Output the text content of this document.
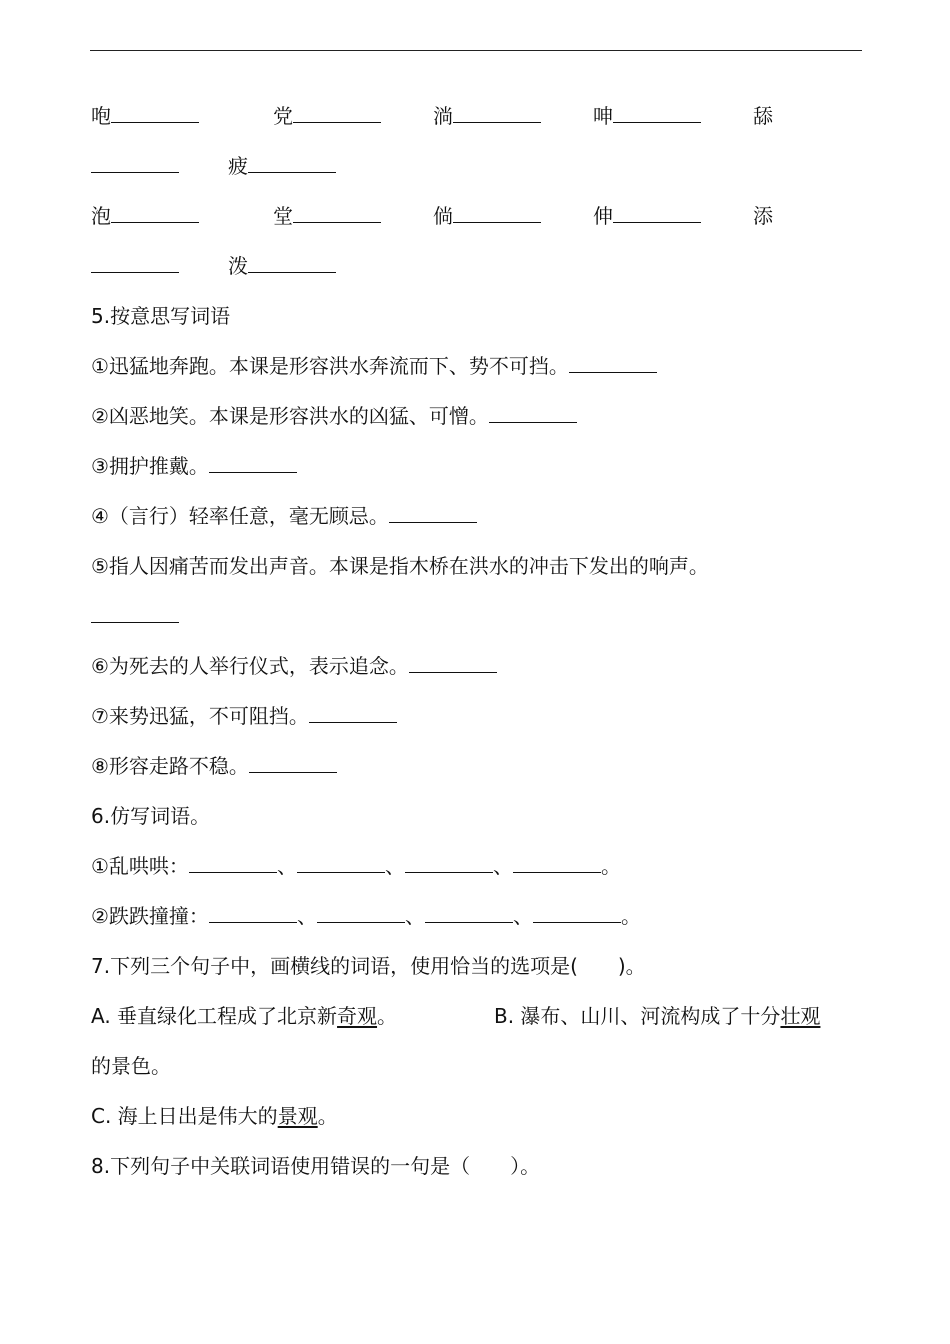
咆	党	淌	呻	舔
疲
泡	堂	倘	伸	添
泼
5.按意思写词语
①迅猛地奔跑。本课是形容洪水奔流而下、势不可挡。
②凶恶地笑。本课是形容洪水的凶猛、可憎。
③拥护推戴。
④（言行）轻率任意，毫无顾忌。
⑤指人因痛苦而发出声音。本课是指木桥在洪水的冲击下发出的响声。
⑥为死去的人举行仪式，表示追念。
⑦来势迅猛，不可阻挡。
⑧形容走路不稳。
6.仿写词语。
①乱哄哄：	、	、	、	。
②跌跌撞撞：	、	、	、	。
7.下列三个句子中，画横线的词语，使用恰当的选项是(　　)。
A. 垂直绿化工程成了北京新奇观。	B. 瀑布、山川、河流构成了十分壮观
的景色。
C. 海上日出是伟大的景观。
8.下列句子中关联词语使用错误的一句是（　　）。
